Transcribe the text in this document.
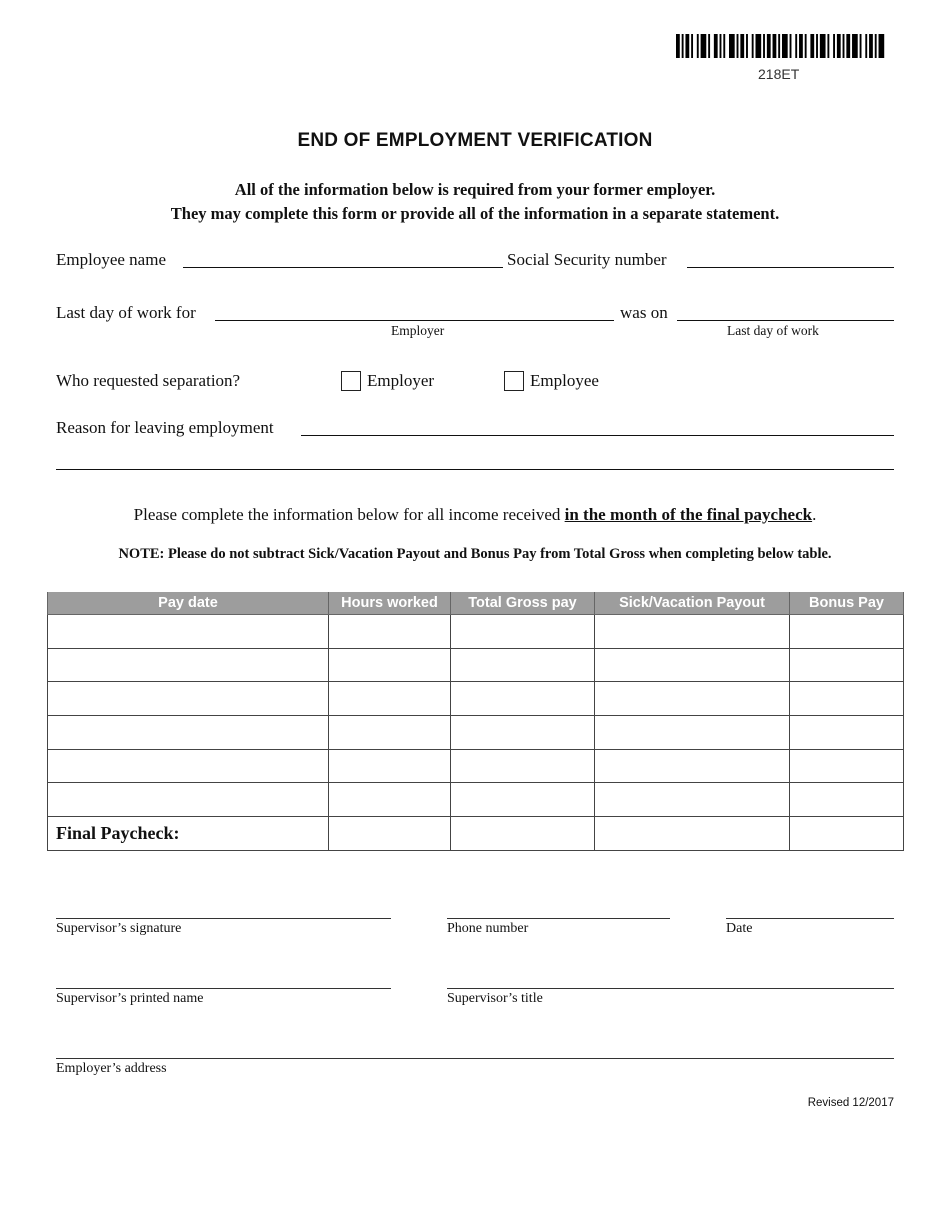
218ET
END OF EMPLOYMENT VERIFICATION
All of the information below is required from your former employer.
They may complete this form or provide all of the information in a separate statement.
Employee name	Social Security number
Last day of work for
Employer
was on
Last day of work
Who requested separation?	Employer	Employee
Reason for leaving employment
Please complete the information below for all income received in the month of the final paycheck.
NOTE: Please do not subtract Sick/Vacation Payout and Bonus Pay from Total Gross when completing below table.
Pay date	Hours worked	Total Gross pay	Sick/Vacation Payout	Bonus Pay

Final Paycheck:				
Supervisor’s signature	Phone number	Date
Supervisor’s printed name	Supervisor’s title
Employer’s address
Revised 12/2017
